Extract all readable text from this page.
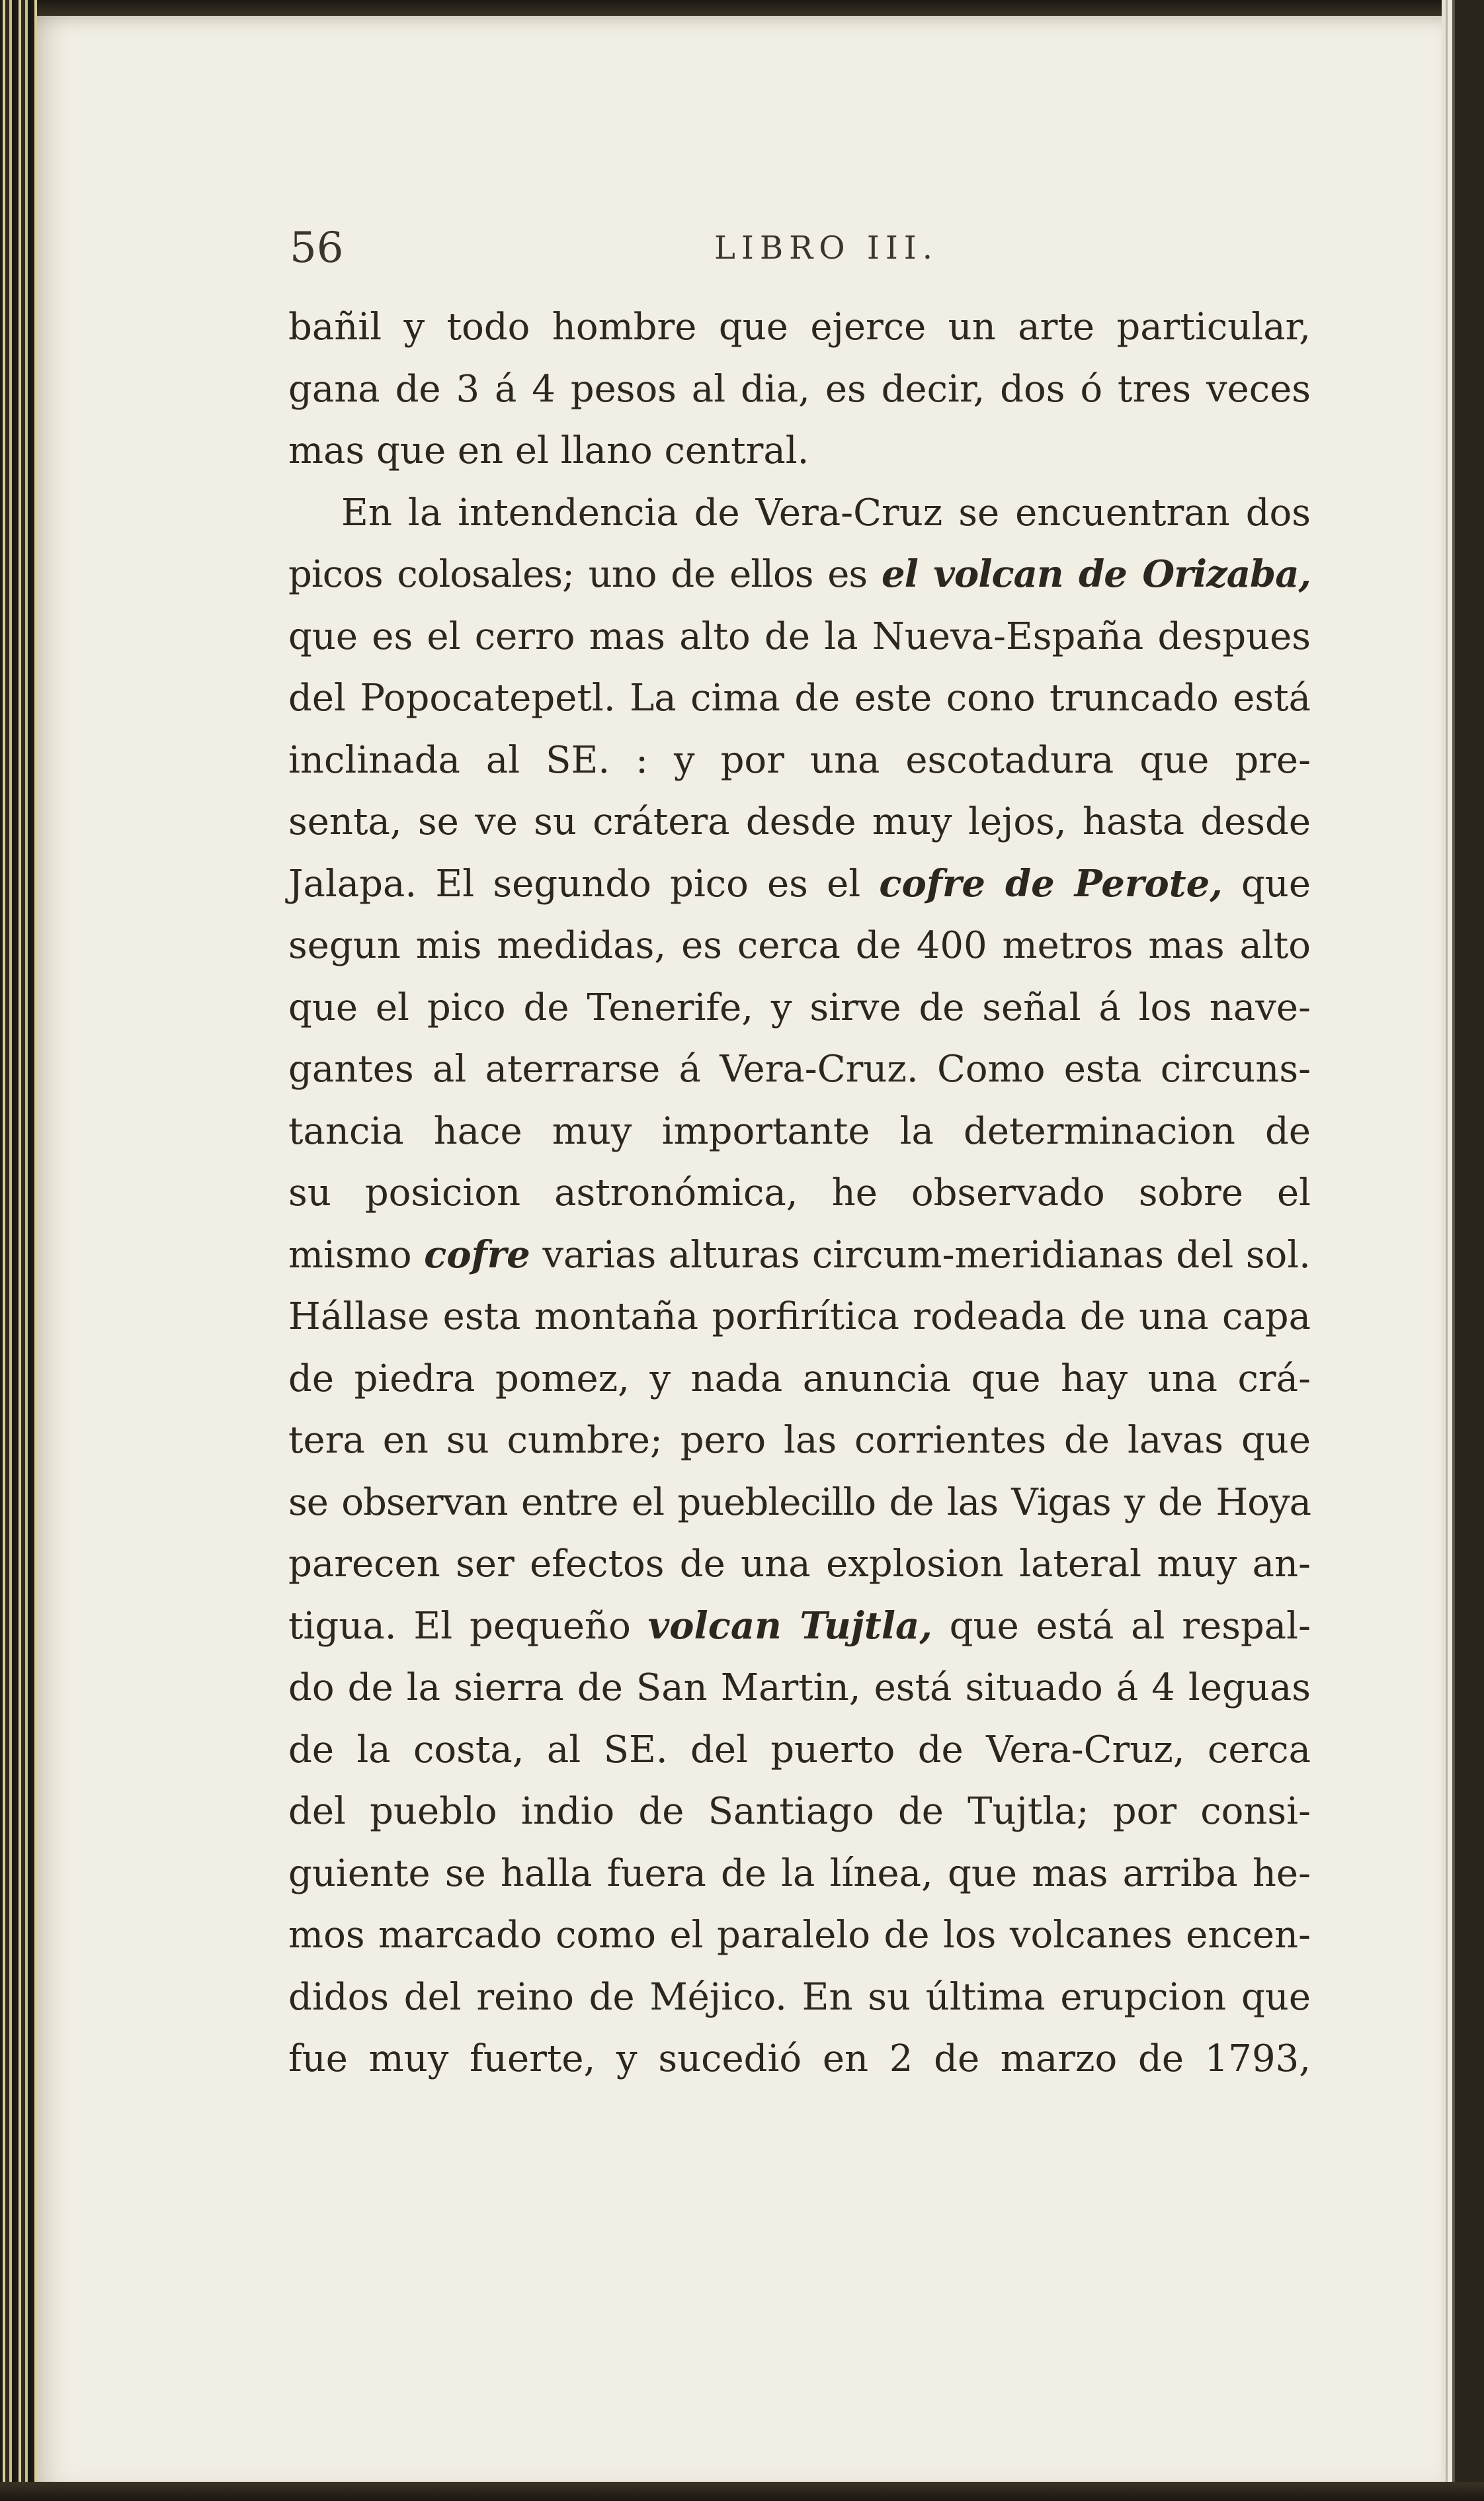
56	LIBRO III.
bañil y todo hombre que ejerce un arte particular,
gana de 3 á 4 pesos al dia, es decir, dos ó tres veces
mas que en el llano central.
En la intendencia de Vera-Cruz se encuentran dos
picos colosales; uno de ellos es el volcan de Orizaba,
que es el cerro mas alto de la Nueva-España despues
del Popocatepetl. La cima de este cono truncado está
inclinada al SE. : y por una escotadura que pre-
senta, se ve su crátera desde muy lejos, hasta desde
Jalapa. El segundo pico es el cofre de Perote, que
segun mis medidas, es cerca de 400 metros mas alto
que el pico de Tenerife, y sirve de señal á los nave-
gantes al aterrarse á Vera-Cruz. Como esta circuns-
tancia hace muy importante la determinacion de
su posicion astronómica, he observado sobre el
mismo cofre varias alturas circum-meridianas del sol.
Hállase esta montaña porfirítica rodeada de una capa
de piedra pomez, y nada anuncia que hay una crá-
tera en su cumbre; pero las corrientes de lavas que
se observan entre el pueblecillo de las Vigas y de Hoya
parecen ser efectos de una explosion lateral muy an-
tigua. El pequeño volcan Tujtla, que está al respal-
do de la sierra de San Martin, está situado á 4 leguas
de la costa, al SE. del puerto de Vera-Cruz, cerca
del pueblo indio de Santiago de Tujtla; por consi-
guiente se halla fuera de la línea, que mas arriba he-
mos marcado como el paralelo de los volcanes encen-
didos del reino de Méjico. En su última erupcion que
fue muy fuerte, y sucedió en 2 de marzo de 1793,
